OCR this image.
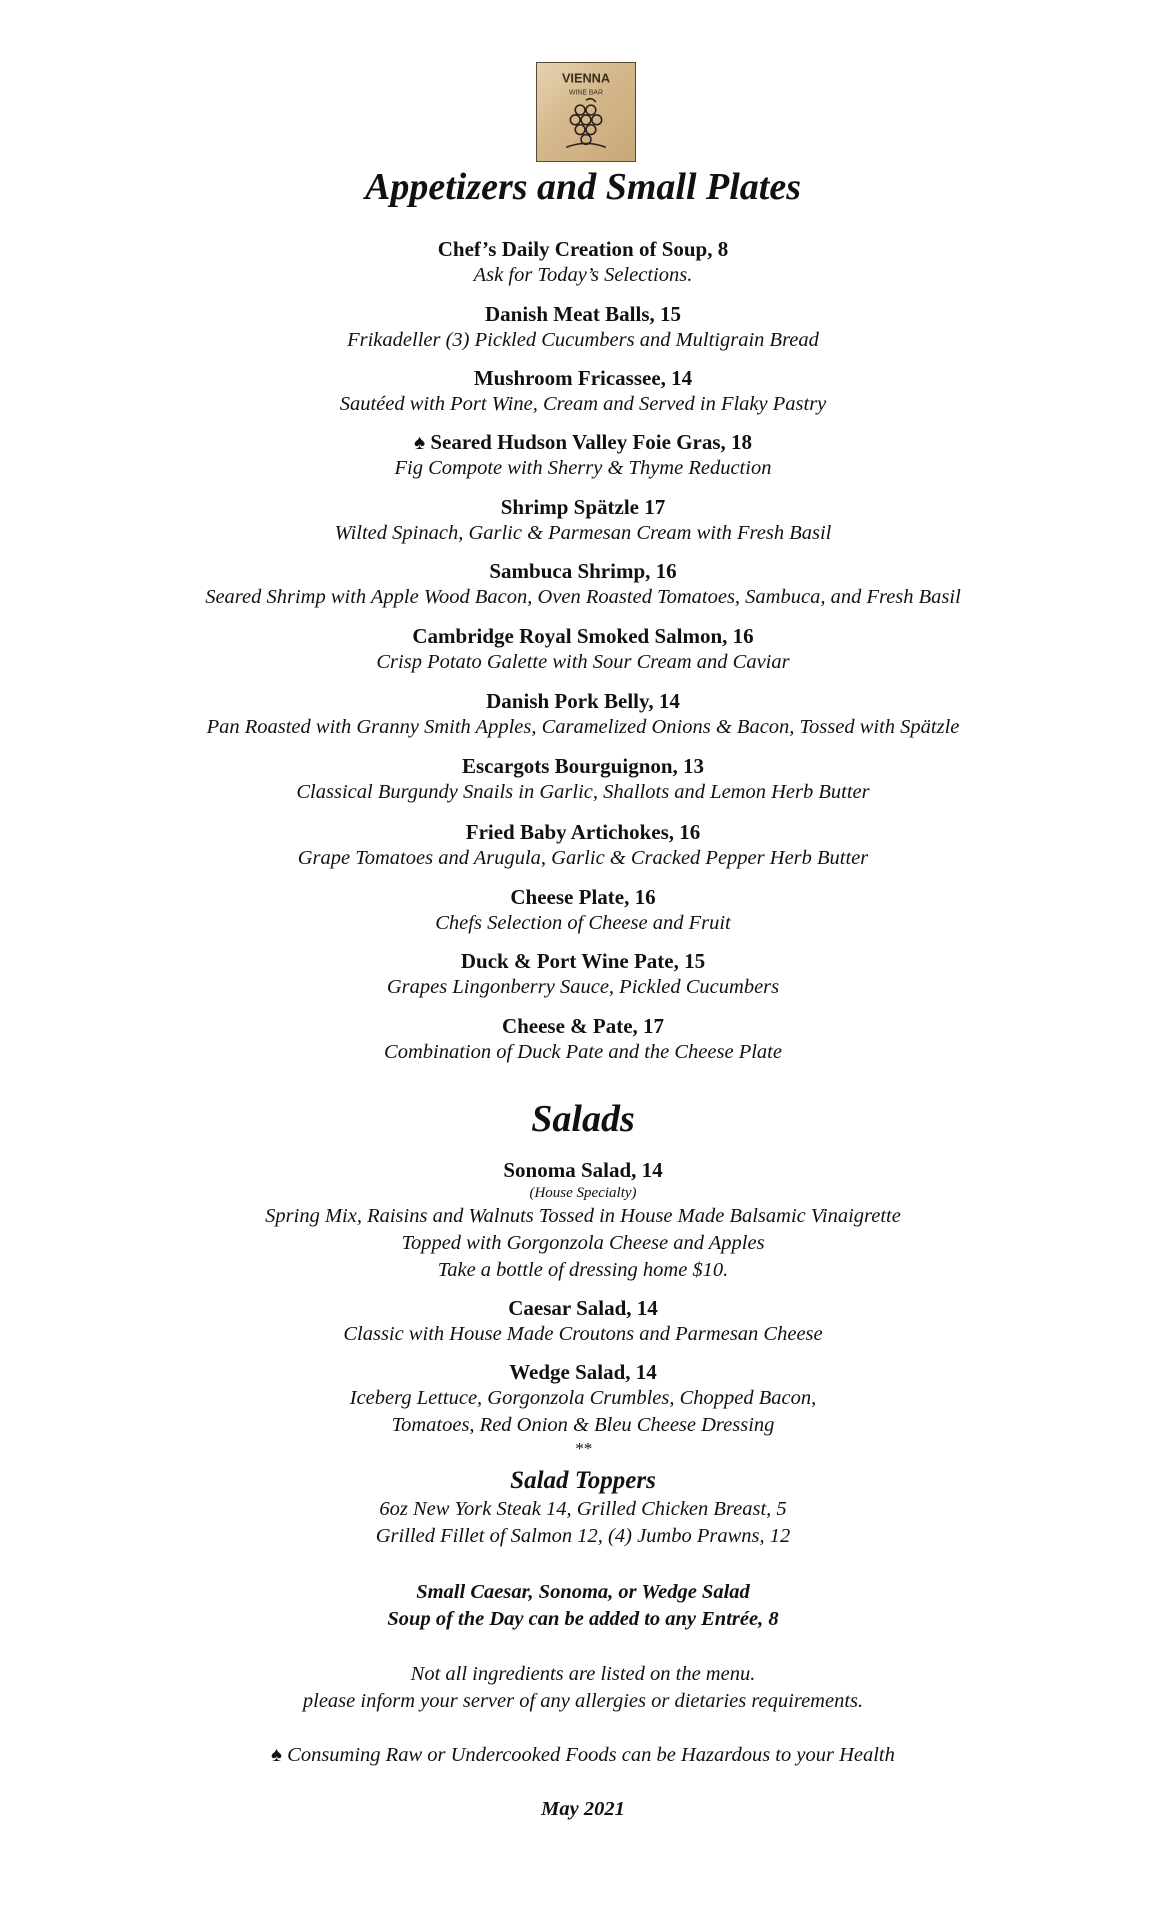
VIENNA
WINE BAR
Appetizers and Small Plates
Chef’s Daily Creation of Soup, 8
Ask for Today’s Selections.
Danish Meat Balls, 15
Frikadeller (3) Pickled Cucumbers and Multigrain Bread
Mushroom Fricassee, 14
Sautéed with Port Wine, Cream and Served in Flaky Pastry
♠ Seared Hudson Valley Foie Gras, 18
Fig Compote with Sherry & Thyme Reduction
Shrimp Spätzle 17
Wilted Spinach, Garlic & Parmesan Cream with Fresh Basil
Sambuca Shrimp, 16
Seared Shrimp with Apple Wood Bacon, Oven Roasted Tomatoes, Sambuca, and Fresh Basil
Cambridge Royal Smoked Salmon, 16
Crisp Potato Galette with Sour Cream and Caviar
Danish Pork Belly, 14
Pan Roasted with Granny Smith Apples, Caramelized Onions & Bacon, Tossed with Spätzle
Escargots Bourguignon, 13
Classical Burgundy Snails in Garlic, Shallots and Lemon Herb Butter
Fried Baby Artichokes, 16
Grape Tomatoes and Arugula, Garlic & Cracked Pepper Herb Butter
Cheese Plate, 16
Chefs Selection of Cheese and Fruit
Duck & Port Wine Pate, 15
Grapes Lingonberry Sauce, Pickled Cucumbers
Cheese & Pate, 17
Combination of Duck Pate and the Cheese Plate
Salads
Sonoma Salad, 14
(House Specialty)
Spring Mix, Raisins and Walnuts Tossed in House Made Balsamic Vinaigrette
Topped with Gorgonzola Cheese and Apples
Take a bottle of dressing home $10.
Caesar Salad, 14
Classic with House Made Croutons and Parmesan Cheese
Wedge Salad, 14
Iceberg Lettuce, Gorgonzola Crumbles, Chopped Bacon,
Tomatoes, Red Onion & Bleu Cheese Dressing
**
Salad Toppers
6oz New York Steak 14, Grilled Chicken Breast, 5
Grilled Fillet of Salmon 12, (4) Jumbo Prawns, 12
Small Caesar, Sonoma, or Wedge Salad
Soup of the Day can be added to any Entrée, 8
Not all ingredients are listed on the menu.
please inform your server of any allergies or dietaries requirements.
♠ Consuming Raw or Undercooked Foods can be Hazardous to your Health
May 2021
